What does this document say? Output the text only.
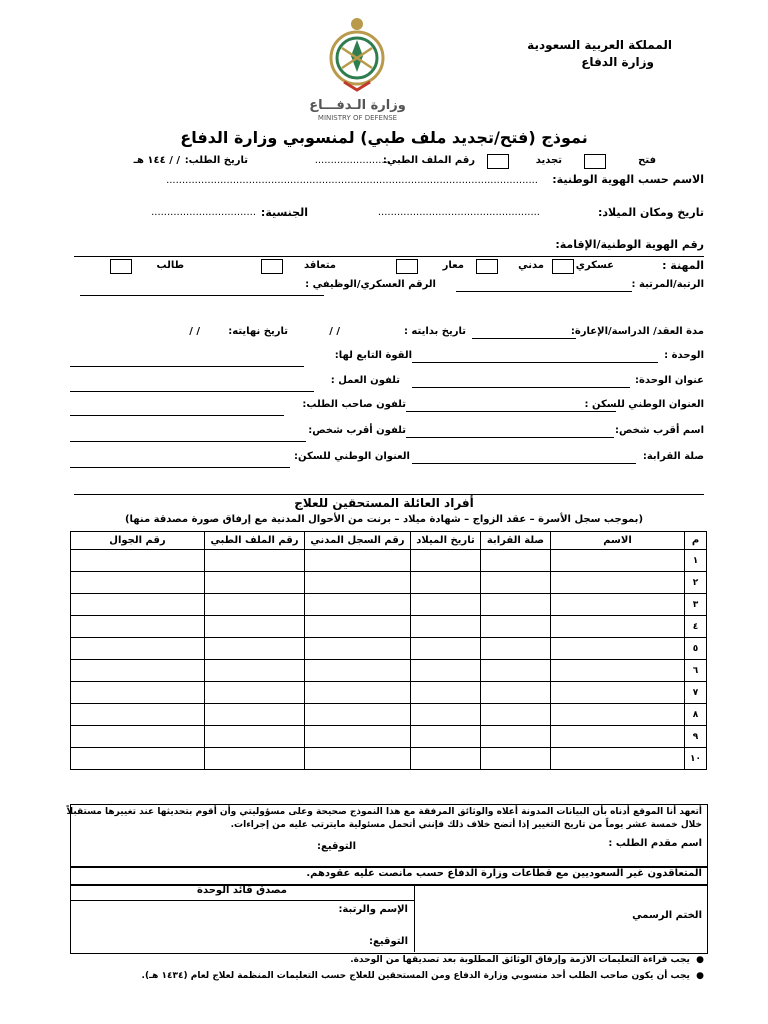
المملكة العربية السعودية
وزارة الدفاع
وزارة الـدفـــاع
MINISTRY OF DEFENSE
نموذج (فتح/تجديد ملف طبي) لمنسوبي وزارة الدفاع
فتح
تجديد
رقم الملف الطبي:
........................
تاريخ الطلب:
/ / ١٤٤ هـ
الاسم حسب الهوية الوطنية:
.....................................................................................................................
تاريخ ومكان الميلاد:
...................................................
الجنسية:
.................................
رقم الهوية الوطنية/الإقامة:
المهنة :
عسكري
مدني
معار
متعاقد
طالب
الرتبة/المرتبة :
الرقم العسكري/الوظيفي :
مدة العقد/ الدراسة/الإعارة:
تاريخ بدايته :
/ /
تاريخ نهايته:
/ /
الوحدة :
القوة التابع لها:
عنوان الوحدة:
تلفون العمل :
العنوان الوطني للسكن :
تلفون صاحب الطلب:
اسم أقرب شخص:
تلفون أقرب شخص:
صلة القرابة:
العنوان الوطني للسكن:
أفراد العائلة المستحقين للعلاج
(بموجب سجل الأسرة – عقد الزواج – شهادة ميلاد – برنت من الأحوال المدنية مع إرفاق صورة مصدقة منها)
م	الاسم	صلة القرابة	تاريخ الميلاد	رقم السجل المدني	رقم الملف الطبي	رقم الجوال
١						
٢						
٣						
٤						
٥						
٦						
٧						
٨						
٩						
١٠						
أتعهد أنا الموقع أدناه بأن البيانات المدونة أعلاه والوثائق المرفقة مع هذا النموذج صحيحة وعلى مسؤوليتي وأن أقوم بتحديثها عند تغييرها مستقبلاً
خلال خمسة عشر يوماً من تاريخ التغيير إذا أتضح خلاف ذلك فإنني أتحمل مسئولية مايترتب عليه من إجراءات.
اسم مقدم الطلب :
التوقيع:
المتعاقدون غير السعوديين مع قطاعات وزارة الدفاع حسب مانصت عليه عقودهم.
مصدق قائد الوحدة
الختم الرسمي
الإسم والرتبة:
التوقيع:
●  يجب قراءة التعليمات الازمة وإرفاق الوثائق المطلوبة بعد تصديقها من الوحدة.
●  يجب أن يكون صاحب الطلب أحد منسوبي وزارة الدفاع ومن المستحقين للعلاج حسب التعليمات المنظمة لعلاج لعام (١٤٣٤ هـ).
